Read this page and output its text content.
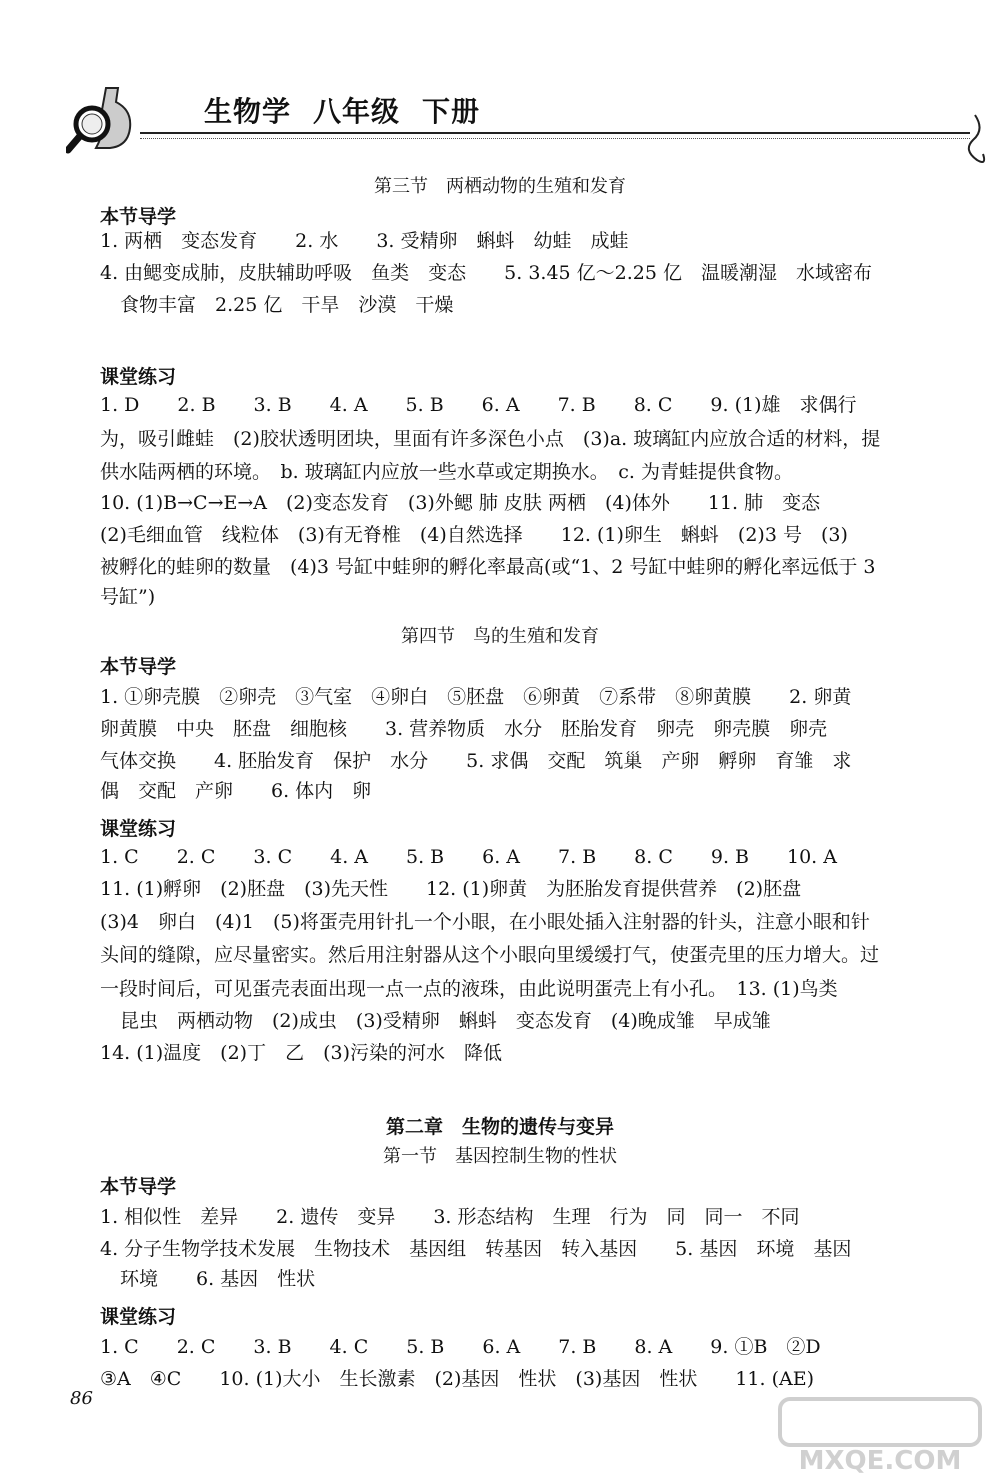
生物学 八年级 下册
第三节　两栖动物的生殖和发育
本节导学
1. 两栖　变态发育　　2. 水　　3. 受精卵　蝌蚪　幼蛙　成蛙
4. 由鳃变成肺，皮肤辅助呼吸　鱼类　变态　　5. 3.45 亿～2.25 亿　温暖潮湿　水域密布
食物丰富　2.25 亿　干旱　沙漠　干燥
课堂练习
1. D　　2. B　　3. B　　4. A　　5. B　　6. A　　7. B　　8. C　　9. (1)雄　求偶行
为，吸引雌蛙　(2)胶状透明团块，里面有许多深色小点　(3)a. 玻璃缸内应放合适的材料，提
供水陆两栖的环境。　b. 玻璃缸内应放一些水草或定期换水。　c. 为青蛙提供食物。
10. (1)B→C→E→A　(2)变态发育　(3)外鳃 肺 皮肤 两栖　(4)体外　　11. 肺　变态
(2)毛细血管　线粒体　(3)有无脊椎　(4)自然选择　　12. (1)卵生　蝌蚪　(2)3 号　(3)
被孵化的蛙卵的数量　(4)3 号缸中蛙卵的孵化率最高(或“1、2 号缸中蛙卵的孵化率远低于 3
号缸”)
第四节　鸟的生殖和发育
本节导学
1. ①卵壳膜　②卵壳　③气室　④卵白　⑤胚盘　⑥卵黄　⑦系带　⑧卵黄膜　　2. 卵黄
卵黄膜　中央　胚盘　细胞核　　3. 营养物质　水分　胚胎发育　卵壳　卵壳膜　卵壳
气体交换　　4. 胚胎发育　保护　水分　　5. 求偶　交配　筑巢　产卵　孵卵　育雏　求
偶　交配　产卵　　6. 体内　卵
课堂练习
1. C　　2. C　　3. C　　4. A　　5. B　　6. A　　7. B　　8. C　　9. B　　10. A
11. (1)孵卵　(2)胚盘　(3)先天性　　12. (1)卵黄　为胚胎发育提供营养　(2)胚盘
(3)4　卵白　(4)1　(5)将蛋壳用针扎一个小眼，在小眼处插入注射器的针头，注意小眼和针
头间的缝隙，应尽量密实。然后用注射器从这个小眼向里缓缓打气，使蛋壳里的压力增大。过
一段时间后，可见蛋壳表面出现一点一点的液珠，由此说明蛋壳上有小孔。　13. (1)鸟类
昆虫　两栖动物　(2)成虫　(3)受精卵　蝌蚪　变态发育　(4)晚成雏　早成雏
14. (1)温度　(2)丁　乙　(3)污染的河水　降低
第二章　生物的遗传与变异
第一节　基因控制生物的性状
本节导学
1. 相似性　差异　　2. 遗传　变异　　3. 形态结构　生理　行为　同　同一　不同
4. 分子生物学技术发展　生物技术　基因组　转基因　转入基因　　5. 基因　环境　基因
环境　　6. 基因　性状
课堂练习
1. C　　2. C　　3. B　　4. C　　5. B　　6. A　　7. B　　8. A　　9. ①B　②D
③A　④C　　10. (1)大小　生长激素　(2)基因　性状　(3)基因　性状　　11. (AE)
86
MXQE.COM
